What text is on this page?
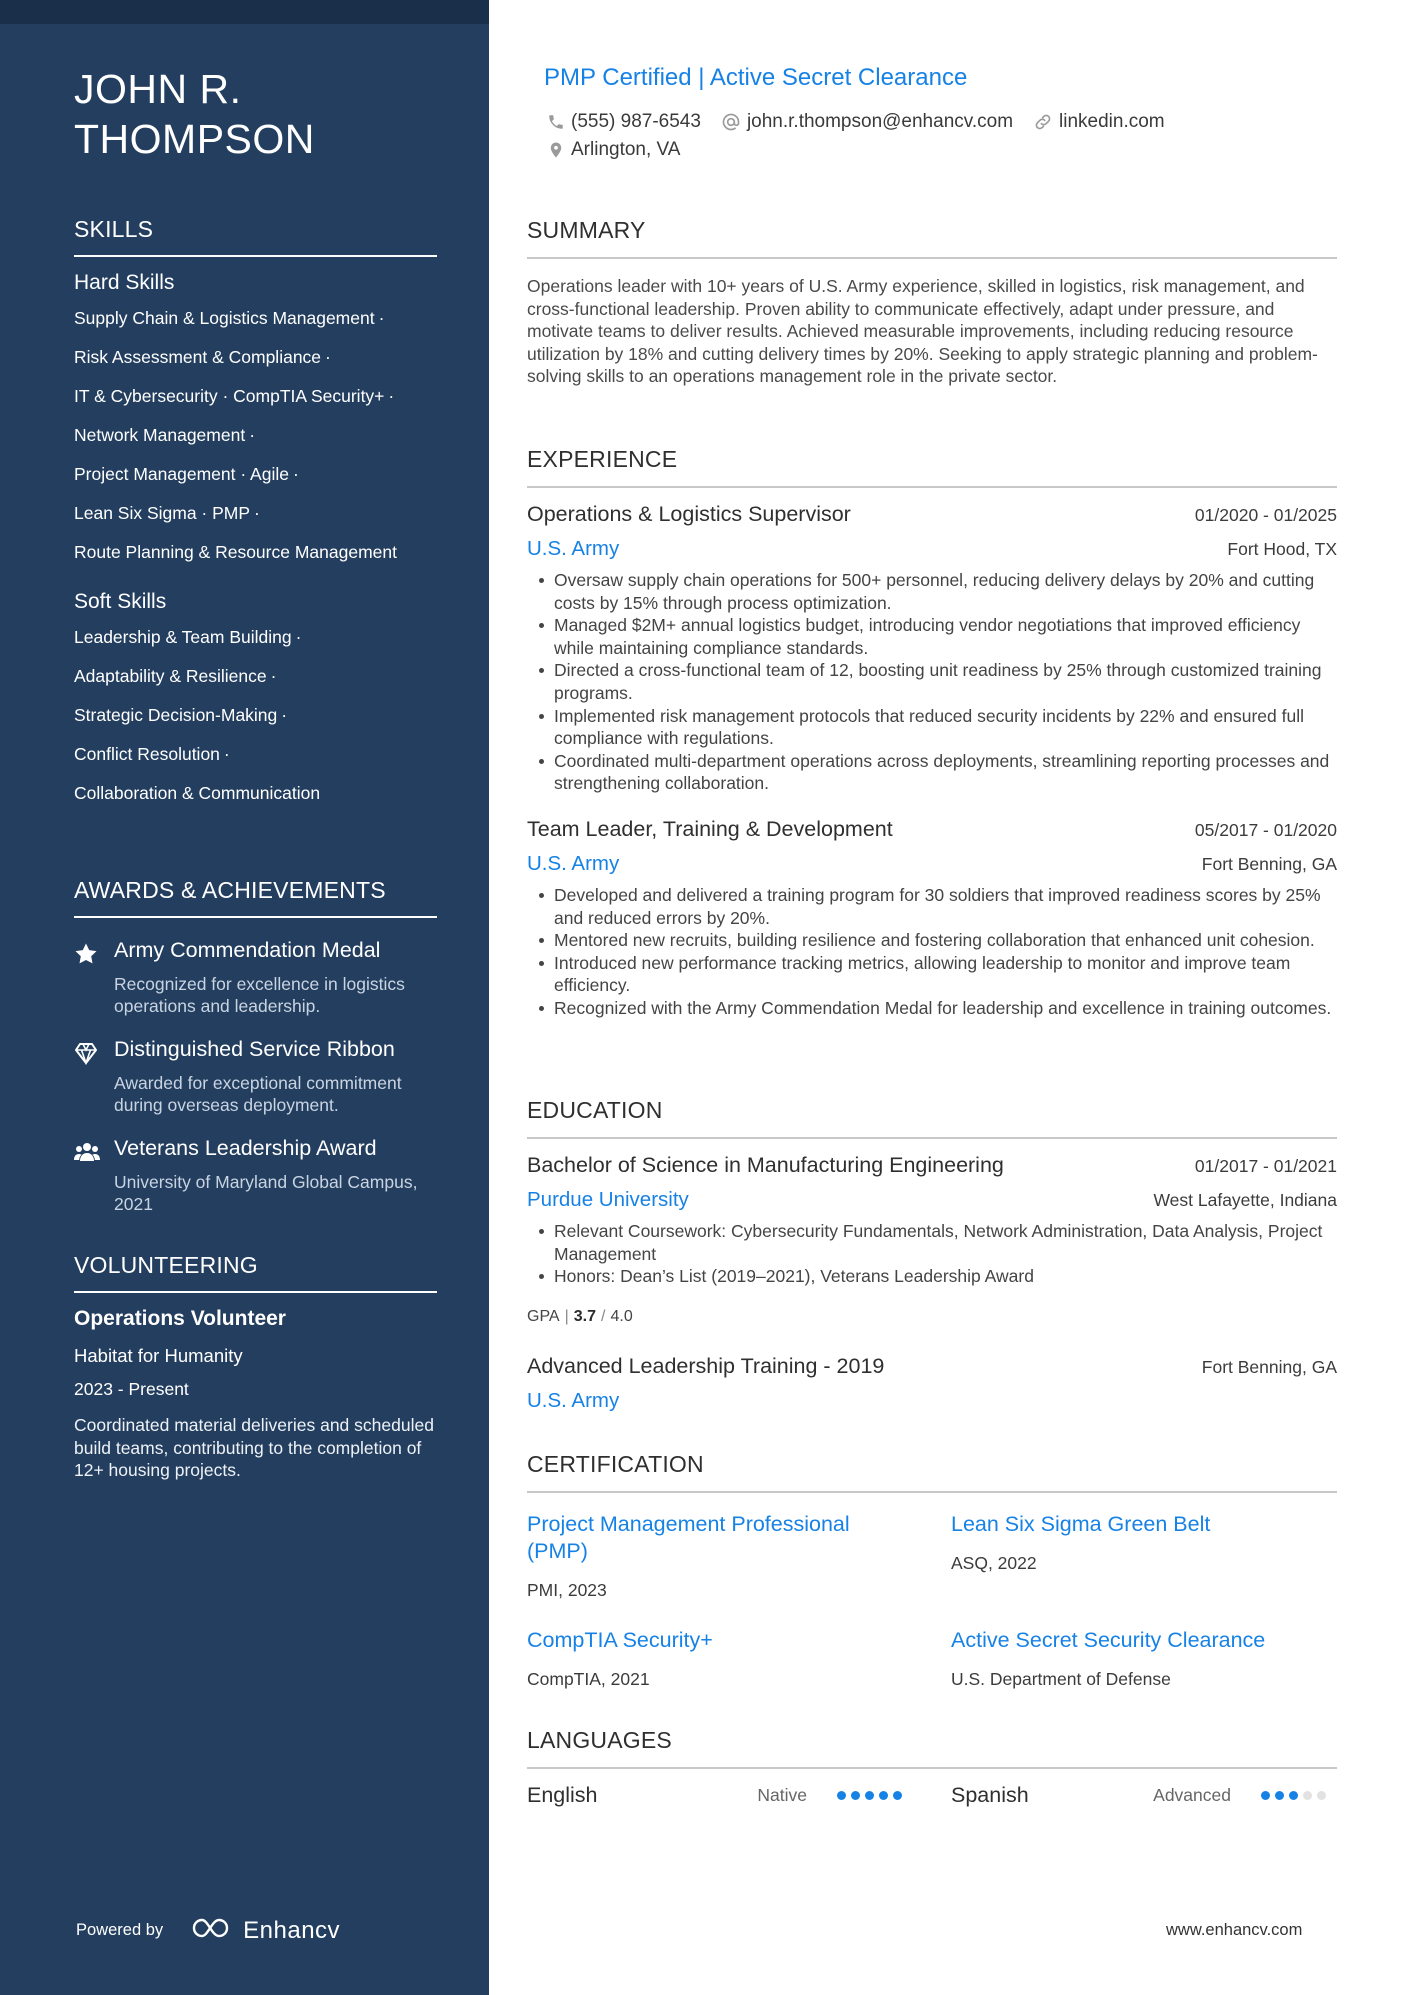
JOHN R.
THOMPSON
SKILLS
Hard Skills
Supply Chain & Logistics Management ·
Risk Assessment & Compliance ·
IT & Cybersecurity · CompTIA Security+ ·
Network Management ·
Project Management · Agile ·
Lean Six Sigma · PMP ·
Route Planning & Resource Management
Soft Skills
Leadership & Team Building ·
Adaptability & Resilience ·
Strategic Decision-Making ·
Conflict Resolution ·
Collaboration & Communication
AWARDS & ACHIEVEMENTS
Army Commendation Medal
Recognized for excellence in logistics operations and leadership.
Distinguished Service Ribbon
Awarded for exceptional commitment during overseas deployment.
Veterans Leadership Award
University of Maryland Global Campus, 2021
VOLUNTEERING
Operations Volunteer
Habitat for Humanity
2023 - Present
Coordinated material deliveries and scheduled build teams, contributing to the completion of 12+ housing projects.
Powered by	Enhancv
PMP Certified | Active Secret Clearance
(555) 987-6543 john.r.thompson@enhancv.com linkedin.com
Arlington, VA
SUMMARY
Operations leader with 10+ years of U.S. Army experience, skilled in logistics, risk management, and cross-functional leadership. Proven ability to communicate effectively, adapt under pressure, and motivate teams to deliver results. Achieved measurable improvements, including reducing resource utilization by 18% and cutting delivery times by 20%. Seeking to apply strategic planning and problem-solving skills to an operations management role in the private sector.
EXPERIENCE
Operations & Logistics Supervisor	01/2020 - 01/2025
U.S. Army	Fort Hood, TX
Oversaw supply chain operations for 500+ personnel, reducing delivery delays by 20% and cutting costs by 15% through process optimization.
Managed $2M+ annual logistics budget, introducing vendor negotiations that improved efficiency while maintaining compliance standards.
Directed a cross-functional team of 12, boosting unit readiness by 25% through customized training programs.
Implemented risk management protocols that reduced security incidents by 22% and ensured full compliance with regulations.
Coordinated multi-department operations across deployments, streamlining reporting processes and strengthening collaboration.
Team Leader, Training & Development	05/2017 - 01/2020
U.S. Army	Fort Benning, GA
Developed and delivered a training program for 30 soldiers that improved readiness scores by 25% and reduced errors by 20%.
Mentored new recruits, building resilience and fostering collaboration that enhanced unit cohesion.
Introduced new performance tracking metrics, allowing leadership to monitor and improve team efficiency.
Recognized with the Army Commendation Medal for leadership and excellence in training outcomes.
EDUCATION
Bachelor of Science in Manufacturing Engineering	01/2017 - 01/2021
Purdue University	West Lafayette, Indiana
Relevant Coursework: Cybersecurity Fundamentals, Network Administration, Data Analysis, Project Management
Honors: Dean’s List (2019–2021), Veterans Leadership Award
GPA | 3.7 / 4.0
Advanced Leadership Training - 2019	Fort Benning, GA
U.S. Army
CERTIFICATION
Project Management Professional (PMP)
PMI, 2023
Lean Six Sigma Green Belt
ASQ, 2022
CompTIA Security+
CompTIA, 2021
Active Secret Security Clearance
U.S. Department of Defense
LANGUAGES
English	Native	Spanish	Advanced
www.enhancv.com
